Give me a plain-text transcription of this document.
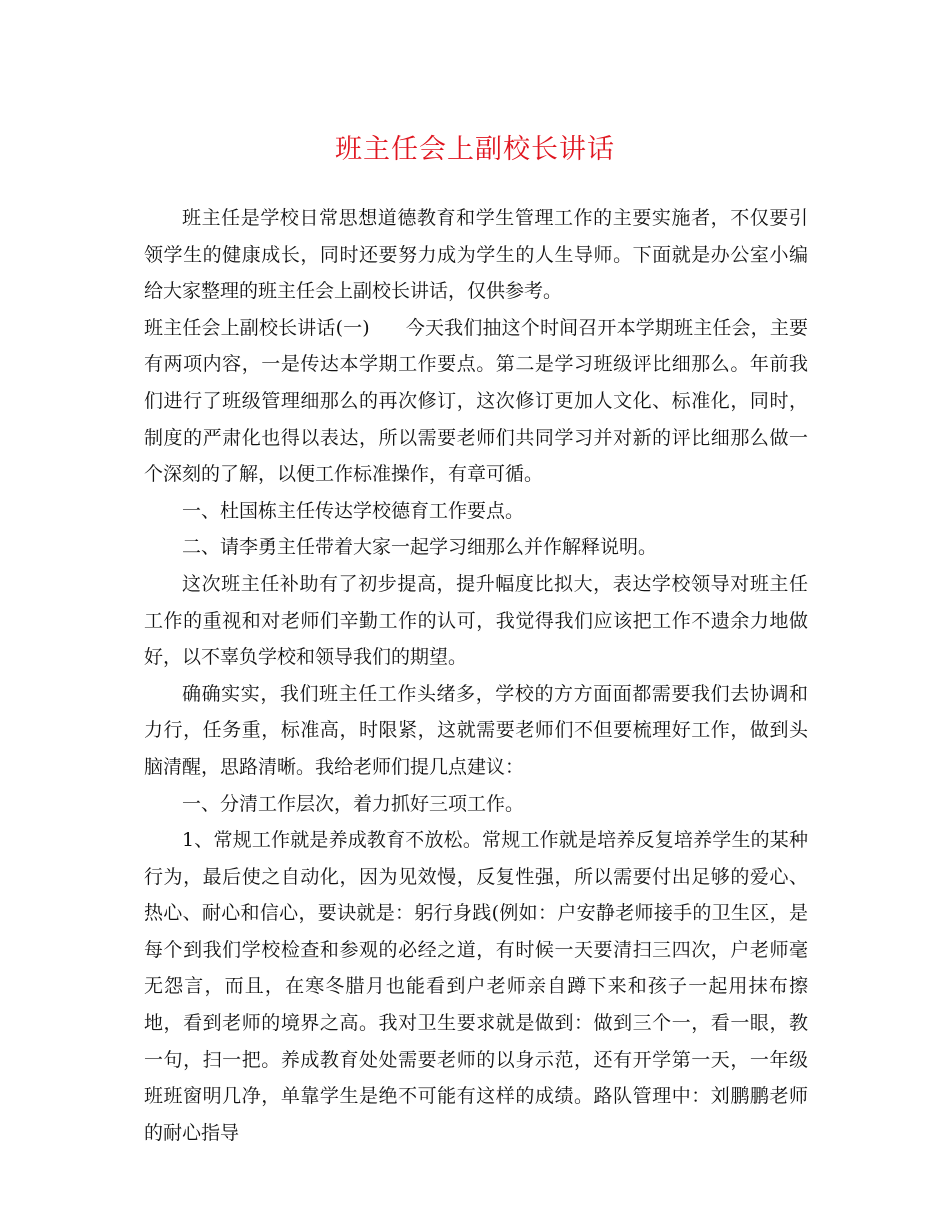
班主任会上副校长讲话

班主任是学校日常思想道德教育和学生管理工作的主要实施者，不仅要引领学生的健康成长，同时还要努力成为学生的人生导师。下面就是办公室小编给大家整理的班主任会上副校长讲话，仅供参考。

班主任会上副校长讲话(一) 今天我们抽这个时间召开本学期班主任会，主要有两项内容，一是传达本学期工作要点。第二是学习班级评比细那么。年前我们进行了班级管理细那么的再次修订，这次修订更加人文化、标准化，同时，制度的严肃化也得以表达，所以需要老师们共同学习并对新的评比细那么做一个深刻的了解，以便工作标准操作，有章可循。

一、杜国栋主任传达学校德育工作要点。

二、请李勇主任带着大家一起学习细那么并作解释说明。

这次班主任补助有了初步提高，提升幅度比拟大，表达学校领导对班主任工作的重视和对老师们辛勤工作的认可，我觉得我们应该把工作不遗余力地做好，以不辜负学校和领导我们的期望。

确确实实，我们班主任工作头绪多，学校的方方面面都需要我们去协调和力行，任务重，标准高，时限紧，这就需要老师们不但要梳理好工作，做到头脑清醒，思路清晰。我给老师们提几点建议：

一、分清工作层次，着力抓好三项工作。

1、常规工作就是养成教育不放松。常规工作就是培养反复培养学生的某种行为，最后使之自动化，因为见效慢，反复性强，所以需要付出足够的爱心、热心、耐心和信心，要诀就是：躬行身践(例如：户安静老师接手的卫生区，是每个到我们学校检查和参观的必经之道，有时候一天要清扫三四次，户老师毫无怨言，而且，在寒冬腊月也能看到户老师亲自蹲下来和孩子一起用抹布擦地，看到老师的境界之高。我对卫生要求就是做到：做到三个一，看一眼，教一句，扫一把。养成教育处处需要老师的以身示范，还有开学第一天，一年级班班窗明几净，单靠学生是绝不可能有这样的成绩。路队管理中：刘鹏鹏老师的耐心指导
